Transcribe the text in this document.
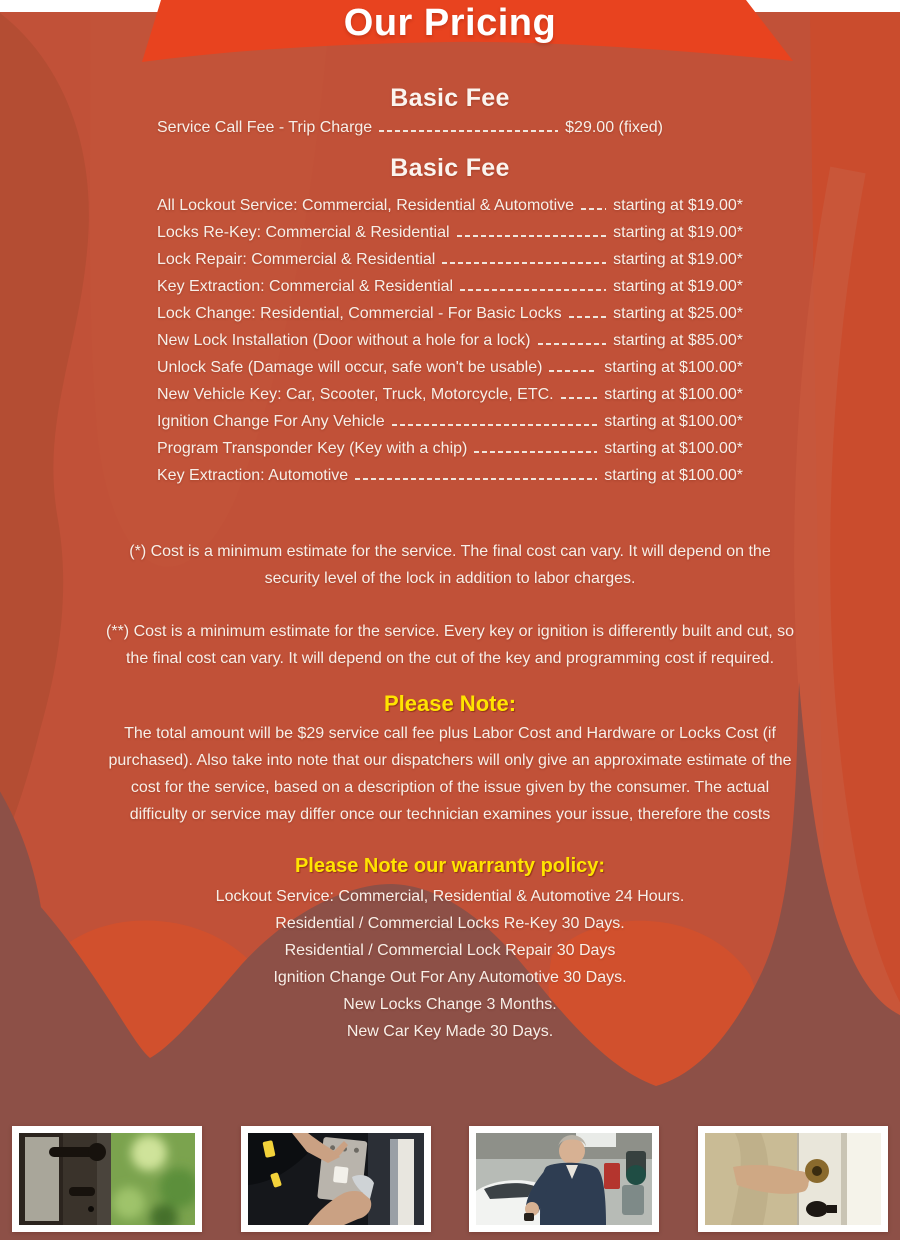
Our Pricing
Basic Fee
Service Call Fee - Trip Charge	$29.00 (fixed)
Basic Fee
All Lockout Service: Commercial, Residential & Automotive starting at $19.00*
Locks Re-Key: Commercial & Residential	starting at $19.00*
Lock Repair: Commercial & Residential	starting at $19.00*
Key Extraction: Commercial & Residential	starting at $19.00*
Lock Change: Residential, Commercial - For Basic Locks	starting at $25.00*
New Lock Installation (Door without a hole for a lock)	starting at $85.00*
Unlock Safe (Damage will occur, safe won't be usable)	starting at $100.00*
New Vehicle Key: Car, Scooter, Truck, Motorcycle, ETC.	starting at $100.00*
Ignition Change For Any Vehicle	starting at $100.00*
Program Transponder Key (Key with a chip)	starting at $100.00*
Key Extraction: Automotive	starting at $100.00*
(*) Cost is a minimum estimate for the service. The final cost can vary. It will depend on the security level of the lock in addition to labor charges.
(**) Cost is a minimum estimate for the service. Every key or ignition is differently built and cut, so the final cost can vary. It will depend on the cut of the key and programming cost if required.
Please Note:
The total amount will be $29 service call fee plus Labor Cost and Hardware or Locks Cost (if purchased). Also take into note that our dispatchers will only give an approximate estimate of the cost for the service, based on a description of the issue given by the consumer. The actual difficulty or service may differ once our technician examines your issue, therefore the costs
Please Note our warranty policy:
Lockout Service: Commercial, Residential & Automotive 24 Hours.
Residential / Commercial Locks Re-Key 30 Days.
Residential / Commercial Lock Repair 30 Days
Ignition Change Out For Any Automotive 30 Days.
New Locks Change 3 Months.
New Car Key Made 30 Days.
